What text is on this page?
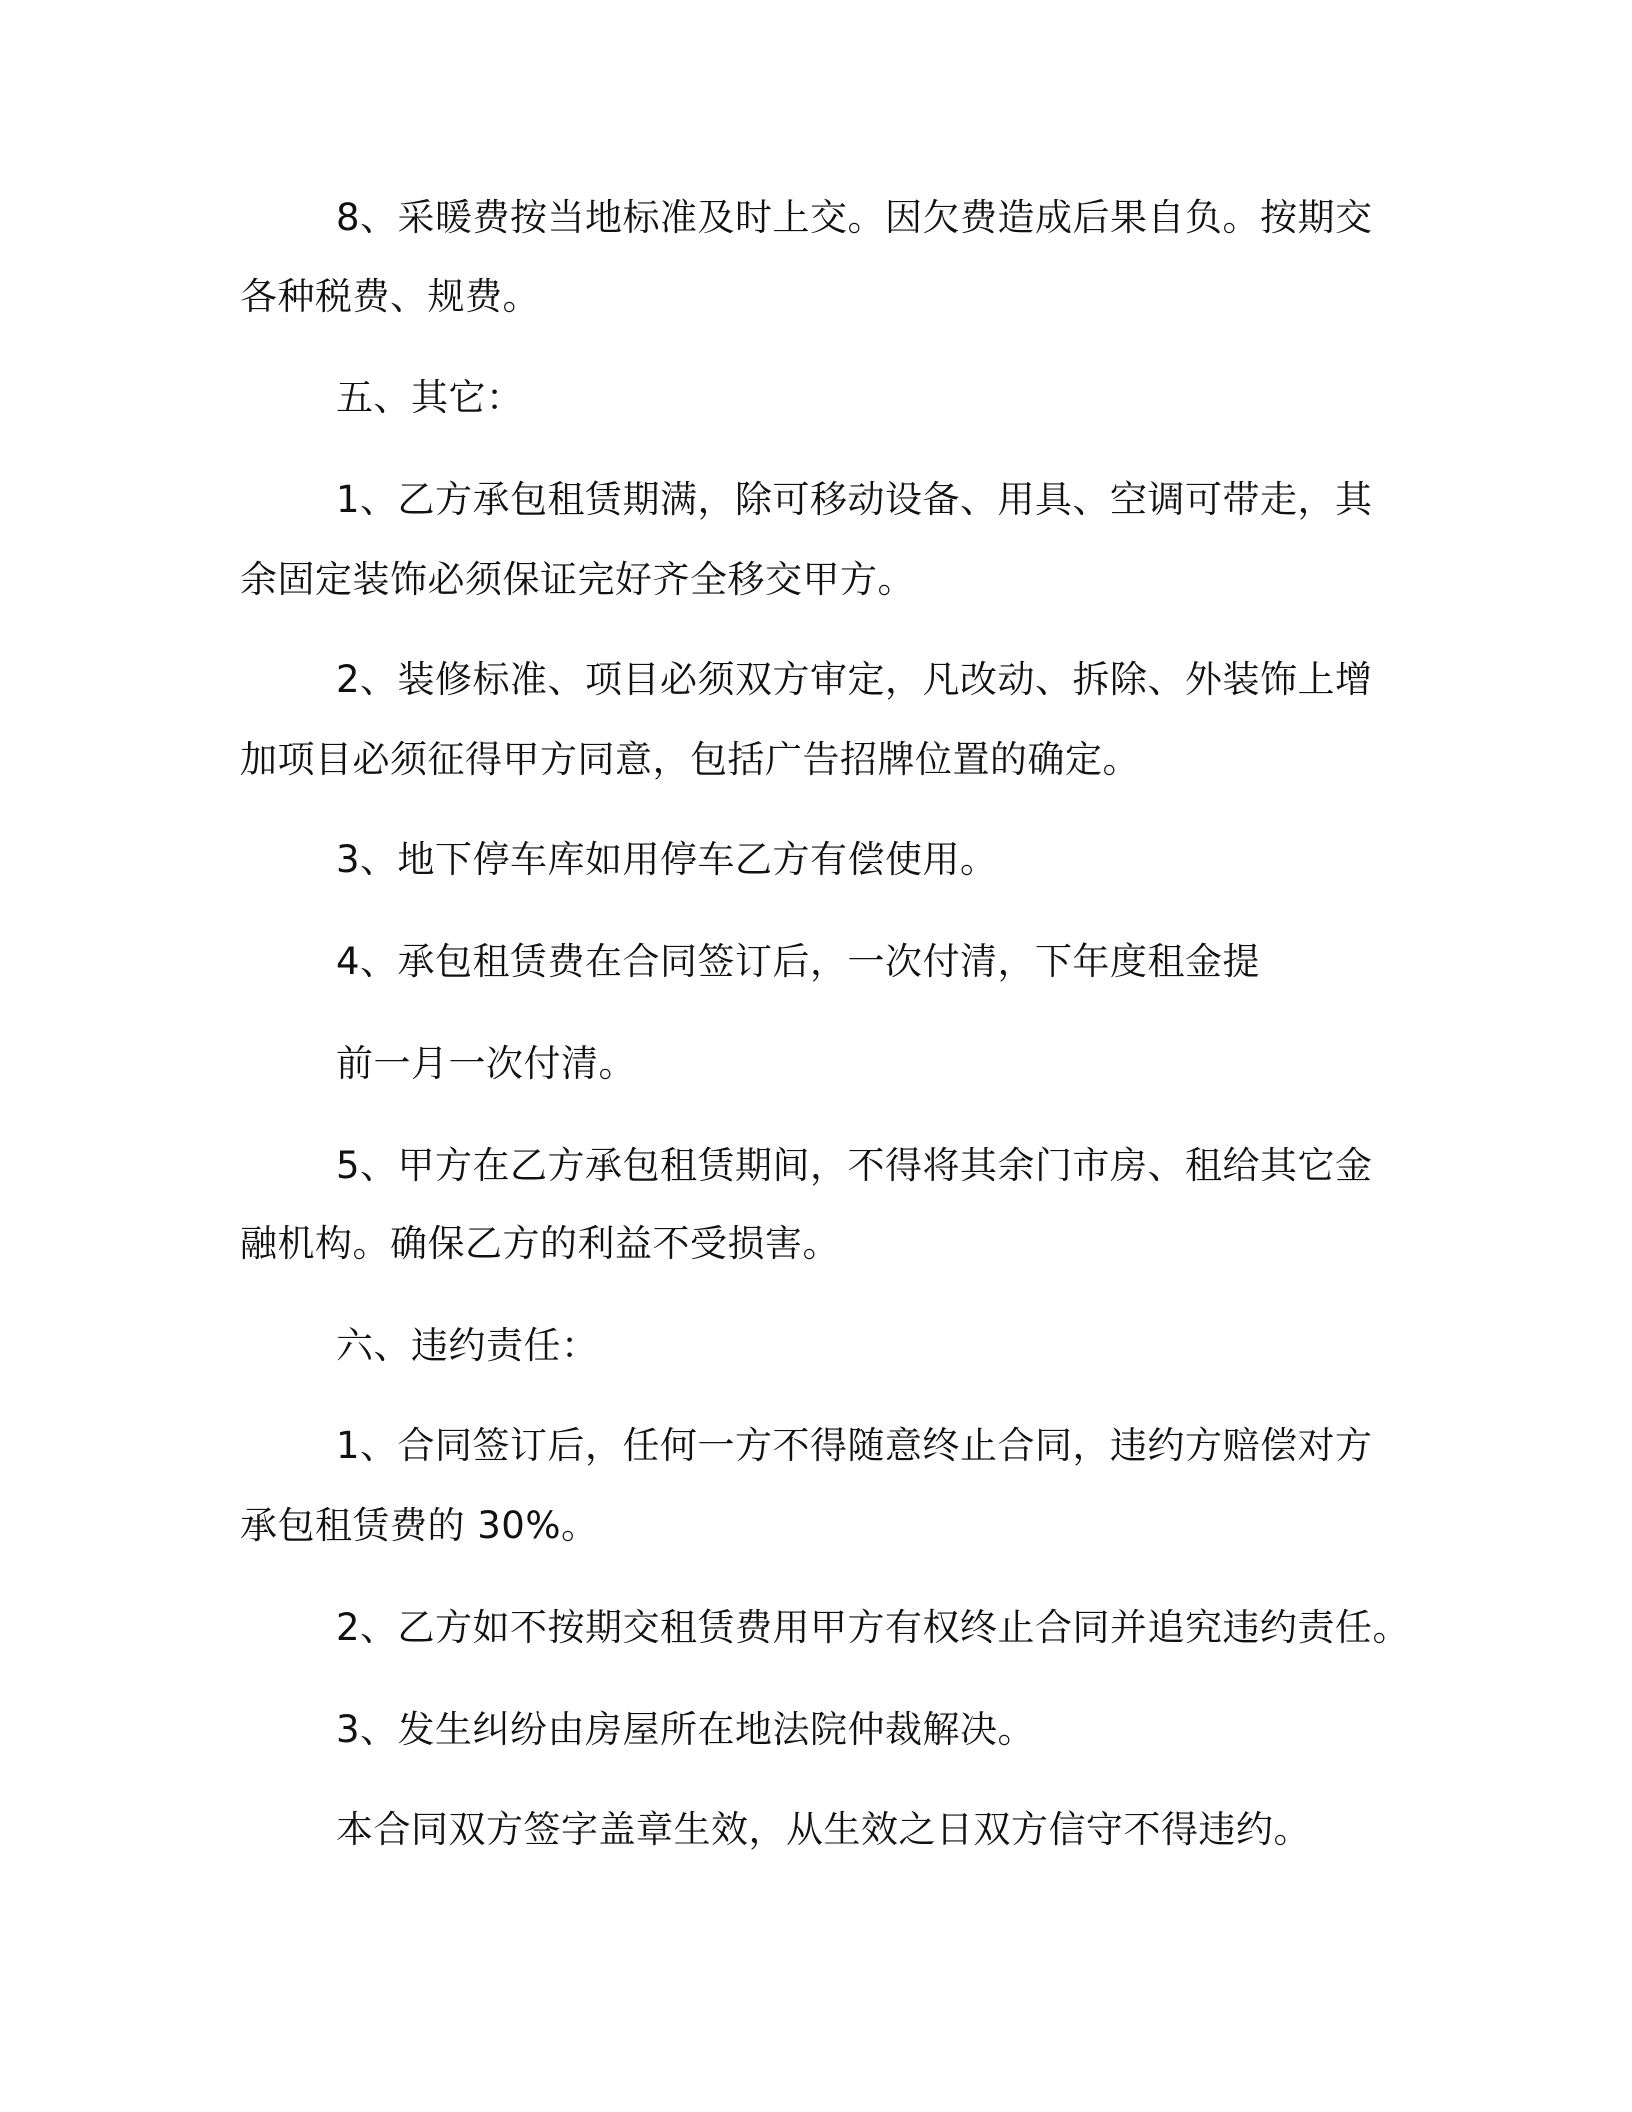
8、采暖费按当地标准及时上交。因欠费造成后果自负。按期交
各种税费、规费。
五、其它：
1、乙方承包租赁期满，除可移动设备、用具、空调可带走，其
余固定装饰必须保证完好齐全移交甲方。
2、装修标准、项目必须双方审定，凡改动、拆除、外装饰上增
加项目必须征得甲方同意，包括广告招牌位置的确定。
3、地下停车库如用停车乙方有偿使用。
4、承包租赁费在合同签订后，一次付清，下年度租金提
前一月一次付清。
5、甲方在乙方承包租赁期间，不得将其余门市房、租给其它金
融机构。确保乙方的利益不受损害。
六、违约责任：
1、合同签订后，任何一方不得随意终止合同，违约方赔偿对方
承包租赁费的 30%。
2、乙方如不按期交租赁费用甲方有权终止合同并追究违约责任。
3、发生纠纷由房屋所在地法院仲裁解决。
本合同双方签字盖章生效，从生效之日双方信守不得违约。
